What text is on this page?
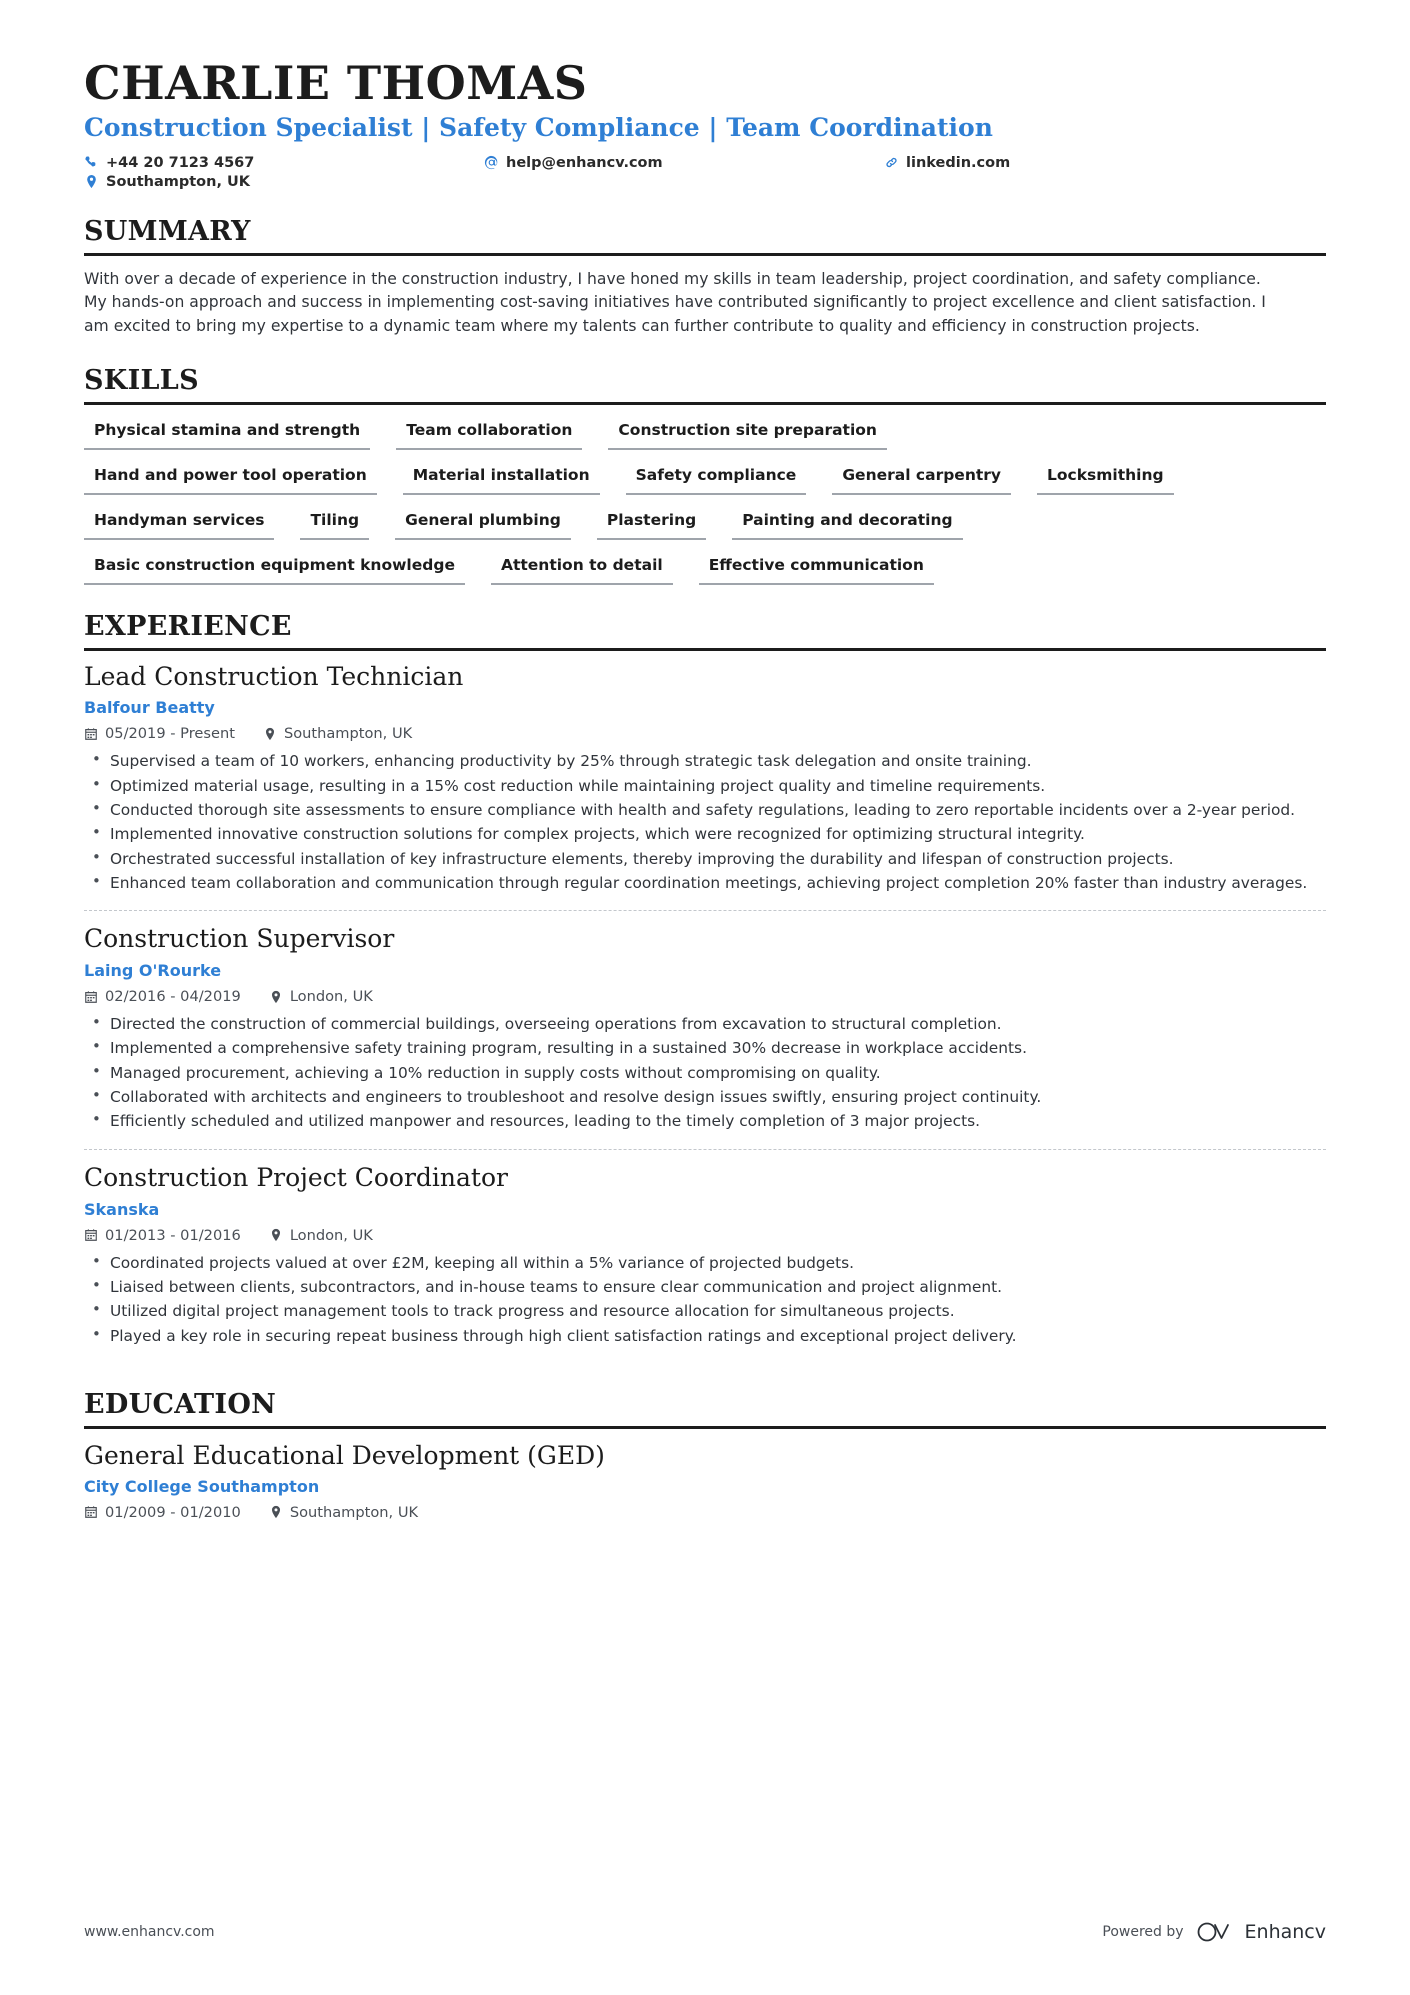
CHARLIE THOMAS
Construction Specialist | Safety Compliance | Team Coordination
+44 20 7123 4567	help@enhancv.com	linkedin.com
Southampton, UK
SUMMARY

With over a decade of experience in the construction industry, I have honed my skills in team leadership, project coordination, and safety compliance. My hands-on approach and success in implementing cost-saving initiatives have contributed significantly to project excellence and client satisfaction. I am excited to bring my expertise to a dynamic team where my talents can further contribute to quality and efficiency in construction projects.

SKILLS
Physical stamina and strength	Team collaboration	Construction site preparation
Hand and power tool operation	Material installation	Safety compliance	General carpentry	Locksmithing
Handyman services	Tiling	General plumbing	Plastering	Painting and decorating
Basic construction equipment knowledge	Attention to detail	Effective communication
EXPERIENCE
Lead Construction Technician
Balfour Beatty
05/2019 - Present	Southampton, UK
• Supervised a team of 10 workers, enhancing productivity by 25% through strategic task delegation and onsite training.
• Optimized material usage, resulting in a 15% cost reduction while maintaining project quality and timeline requirements.
• Conducted thorough site assessments to ensure compliance with health and safety regulations, leading to zero reportable incidents over a 2-year period.
• Implemented innovative construction solutions for complex projects, which were recognized for optimizing structural integrity.
• Orchestrated successful installation of key infrastructure elements, thereby improving the durability and lifespan of construction projects.
• Enhanced team collaboration and communication through regular coordination meetings, achieving project completion 20% faster than industry averages.
Construction Supervisor
Laing O'Rourke
02/2016 - 04/2019	London, UK
• Directed the construction of commercial buildings, overseeing operations from excavation to structural completion.
• Implemented a comprehensive safety training program, resulting in a sustained 30% decrease in workplace accidents.
• Managed procurement, achieving a 10% reduction in supply costs without compromising on quality.
• Collaborated with architects and engineers to troubleshoot and resolve design issues swiftly, ensuring project continuity.
• Efficiently scheduled and utilized manpower and resources, leading to the timely completion of 3 major projects.
Construction Project Coordinator
Skanska
01/2013 - 01/2016	London, UK
• Coordinated projects valued at over £2M, keeping all within a 5% variance of projected budgets.
• Liaised between clients, subcontractors, and in-house teams to ensure clear communication and project alignment.
• Utilized digital project management tools to track progress and resource allocation for simultaneous projects.
• Played a key role in securing repeat business through high client satisfaction ratings and exceptional project delivery.
EDUCATION
General Educational Development (GED)
City College Southampton
01/2009 - 01/2010	Southampton, UK
www.enhancv.com	Powered by	Enhancv
